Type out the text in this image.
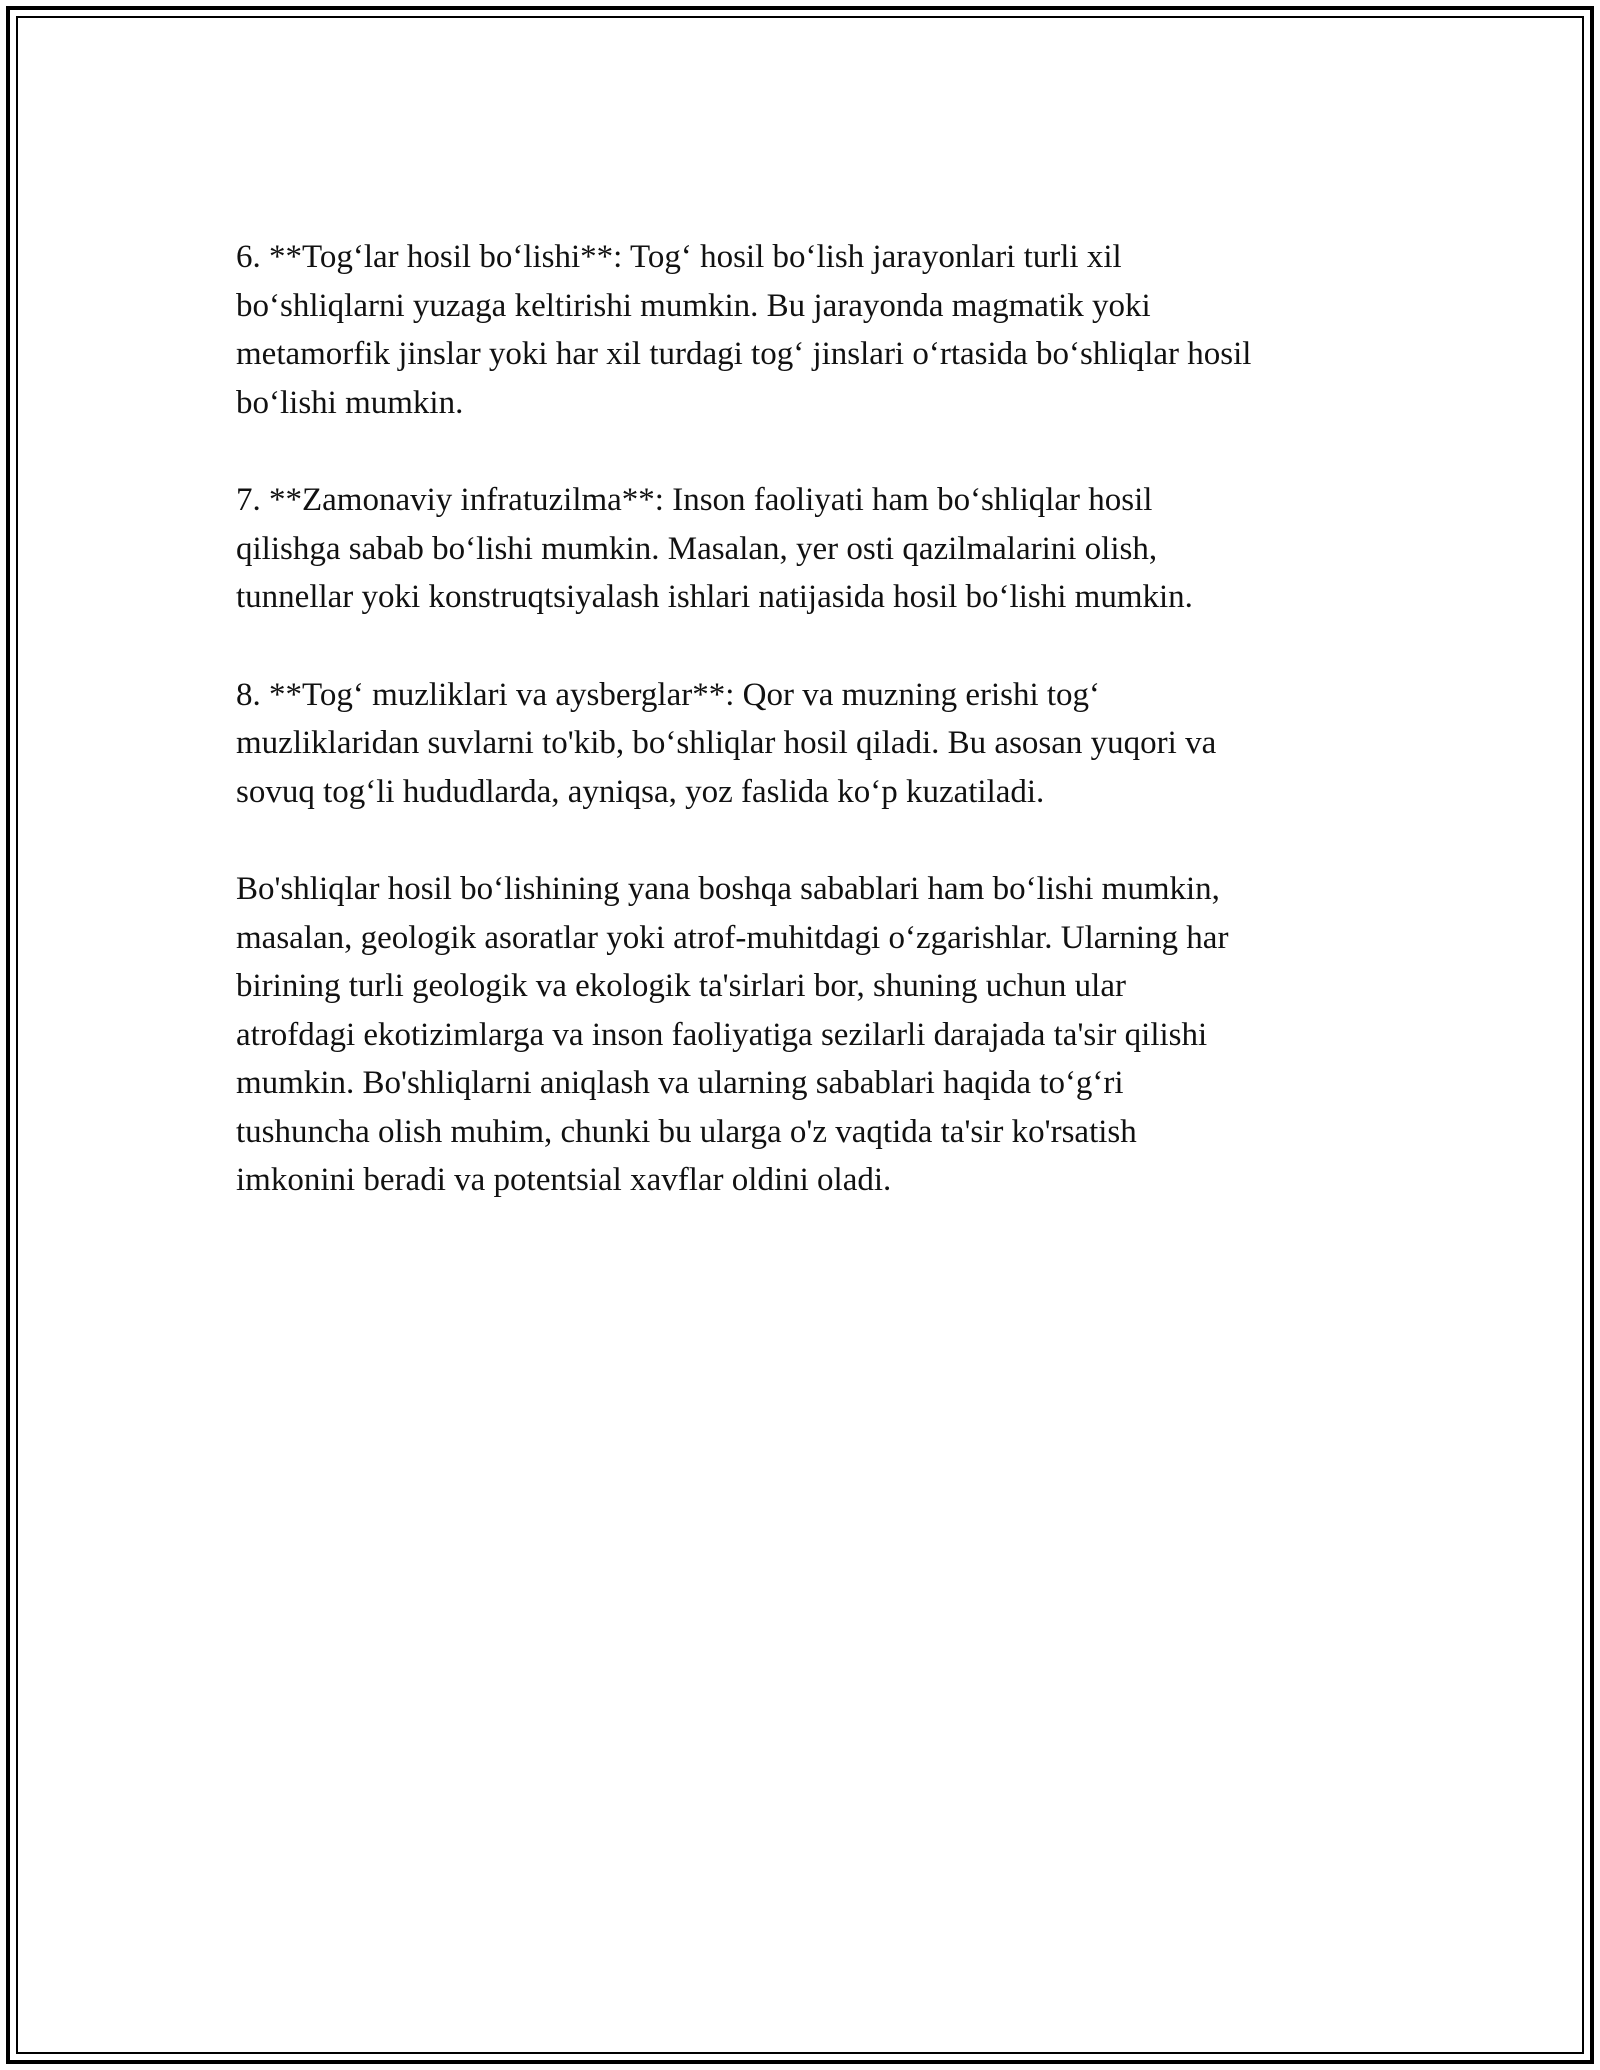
6. **Tog‘lar hosil bo‘lishi**: Tog‘ hosil bo‘lish jarayonlari turli xil
bo‘shliqlarni yuzaga keltirishi mumkin. Bu jarayonda magmatik yoki
metamorfik jinslar yoki har xil turdagi tog‘ jinslari o‘rtasida bo‘shliqlar hosil
bo‘lishi mumkin.

7. **Zamonaviy infratuzilma**: Inson faoliyati ham bo‘shliqlar hosil
qilishga sabab bo‘lishi mumkin. Masalan, yer osti qazilmalarini olish,
tunnellar yoki konstruqtsiyalash ishlari natijasida hosil bo‘lishi mumkin.

8. **Tog‘ muzliklari va aysberglar**: Qor va muzning erishi tog‘
muzliklaridan suvlarni to'kib, bo‘shliqlar hosil qiladi. Bu asosan yuqori va
sovuq tog‘li hududlarda, ayniqsa, yoz faslida ko‘p kuzatiladi.

Bo'shliqlar hosil bo‘lishining yana boshqa sabablari ham bo‘lishi mumkin,
masalan, geologik asoratlar yoki atrof-muhitdagi o‘zgarishlar. Ularning har
birining turli geologik va ekologik ta'sirlari bor, shuning uchun ular
atrofdagi ekotizimlarga va inson faoliyatiga sezilarli darajada ta'sir qilishi
mumkin. Bo'shliqlarni aniqlash va ularning sabablari haqida to‘g‘ri
tushuncha olish muhim, chunki bu ularga o'z vaqtida ta'sir ko'rsatish
imkonini beradi va potentsial xavflar oldini oladi.
